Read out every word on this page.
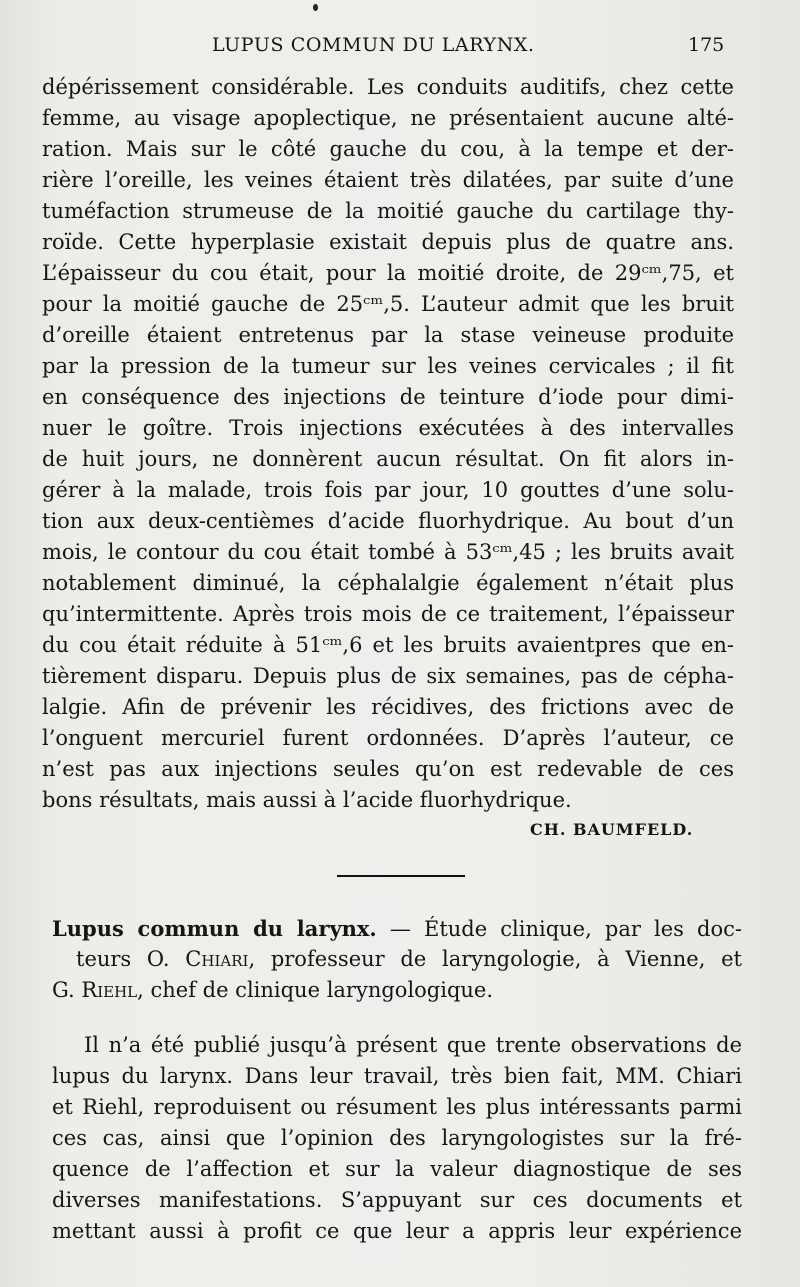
LUPUS COMMUN DU LARYNX.	175
dépérissement considérable. Les conduits auditifs, chez cette
femme, au visage apoplectique, ne présentaient aucune alté-
ration. Mais sur le côté gauche du cou, à la tempe et der-
rière l’oreille, les veines étaient très dilatées, par suite d’une
tuméfaction strumeuse de la moitié gauche du cartilage thy-
roïde. Cette hyperplasie existait depuis plus de quatre ans.
L’épaisseur du cou était, pour la moitié droite, de 29ᶜᵐ,75, et
pour la moitié gauche de 25ᶜᵐ,5. L’auteur admit que les bruit
d’oreille étaient entretenus par la stase veineuse produite
par la pression de la tumeur sur les veines cervicales ; il fit
en conséquence des injections de teinture d’iode pour dimi-
nuer le goître. Trois injections exécutées à des intervalles
de huit jours, ne donnèrent aucun résultat. On fit alors in-
gérer à la malade, trois fois par jour, 10 gouttes d’une solu-
tion aux deux-centièmes d’acide fluorhydrique. Au bout d’un
mois, le contour du cou était tombé à 53ᶜᵐ,45 ; les bruits avait
notablement diminué, la céphalalgie également n’était plus
qu’intermittente. Après trois mois de ce traitement, l’épaisseur
du cou était réduite à 51ᶜᵐ,6 et les bruits avaientpres que en-
tièrement disparu. Depuis plus de six semaines, pas de cépha-
lalgie. Afin de prévenir les récidives, des frictions avec de
l’onguent mercuriel furent ordonnées. D’après l’auteur, ce
n’est pas aux injections seules qu’on est redevable de ces
bons résultats, mais aussi à l’acide fluorhydrique.
CH. BAUMFELD.
Lupus commun du larynx. — Étude clinique, par les doc-
teurs O. Chiari, professeur de laryngologie, à Vienne, et
G. Riehl, chef de clinique laryngologique.
Il n’a été publié jusqu’à présent que trente observations de
lupus du larynx. Dans leur travail, très bien fait, MM. Chiari
et Riehl, reproduisent ou résument les plus intéressants parmi
ces cas, ainsi que l’opinion des laryngologistes sur la fré-
quence de l’affection et sur la valeur diagnostique de ses
diverses manifestations. S’appuyant sur ces documents et
mettant aussi à profit ce que leur a appris leur expérience
